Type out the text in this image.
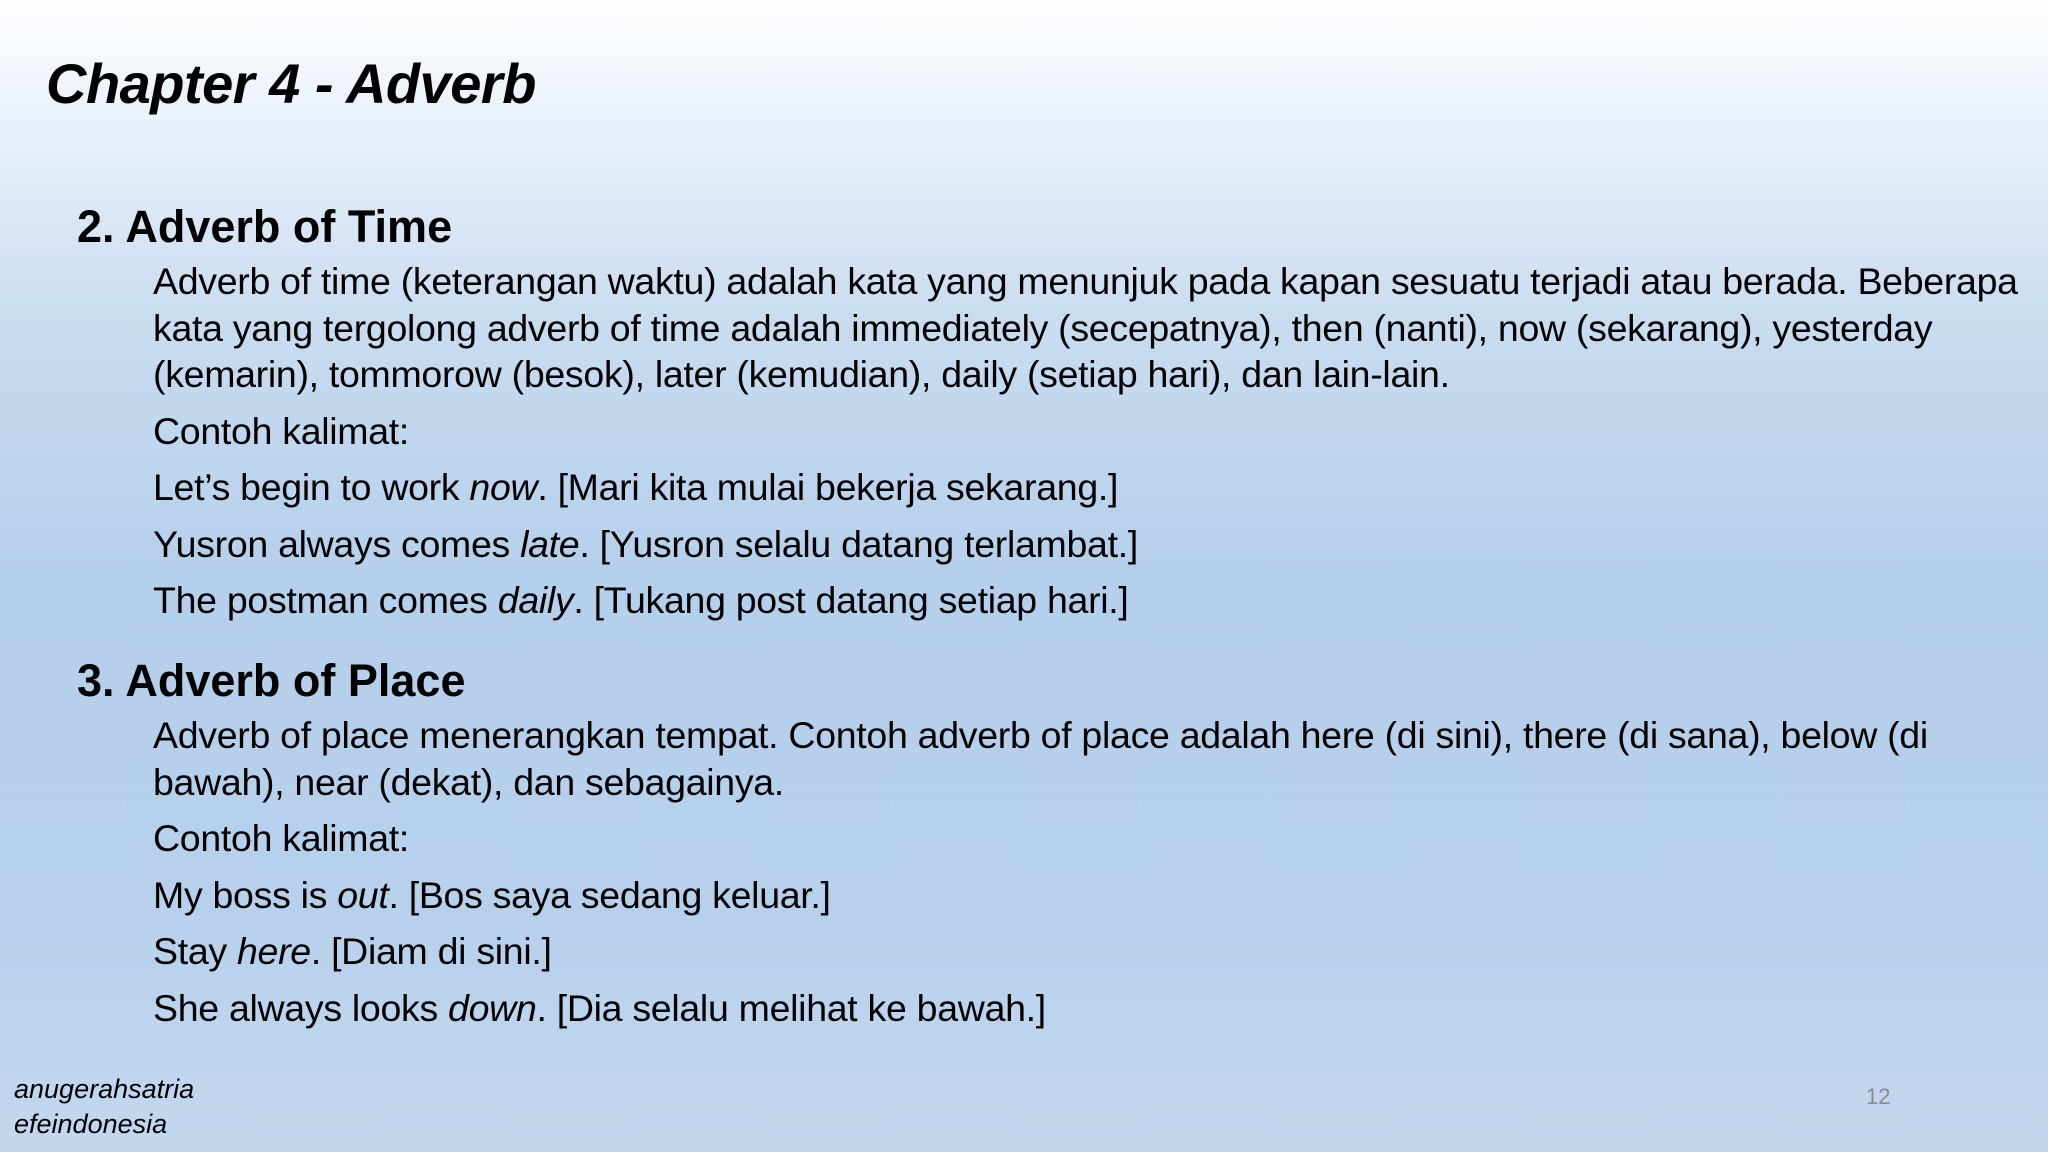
Chapter 4 - Adverb
2. Adverb of Time

Adverb of time (keterangan waktu) adalah kata yang menunjuk pada kapan sesuatu terjadi atau berada. Beberapa kata yang tergolong adverb of time adalah immediately (secepatnya), then (nanti), now (sekarang), yesterday (kemarin), tommorow (besok), later (kemudian), daily (setiap hari), dan lain-lain.

Contoh kalimat:

Let’s begin to work now. [Mari kita mulai bekerja sekarang.]

Yusron always comes late. [Yusron selalu datang terlambat.]

The postman comes daily. [Tukang post datang setiap hari.]

3. Adverb of Place

Adverb of place menerangkan tempat. Contoh adverb of place adalah here (di sini), there (di sana), below (di bawah), near (dekat), dan sebagainya.

Contoh kalimat:

My boss is out. [Bos saya sedang keluar.]

Stay here. [Diam di sini.]

She always looks down. [Dia selalu melihat ke bawah.]

anugerahsatria
efeindonesia
12
